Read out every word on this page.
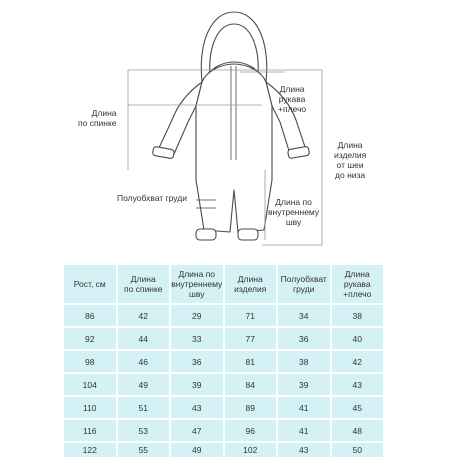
Длина
по спинке
Длина
рукава
+плечо
Длина
изделия
от шеи
до низа
Полуобхват груди	Длина по
внутреннему
шву
Рост, см	Длина
по спинке	Длина по
внутреннему
шву	Длина
изделия	Полуобхват
груди	Длина
рукава
+плечо
86	42	29	71	34	38
92	44	33	77	36	40
98	46	36	81	38	42
104	49	39	84	39	43
110	51	43	89	41	45
116	53	47	96	41	48
122	55	49	102	43	50
